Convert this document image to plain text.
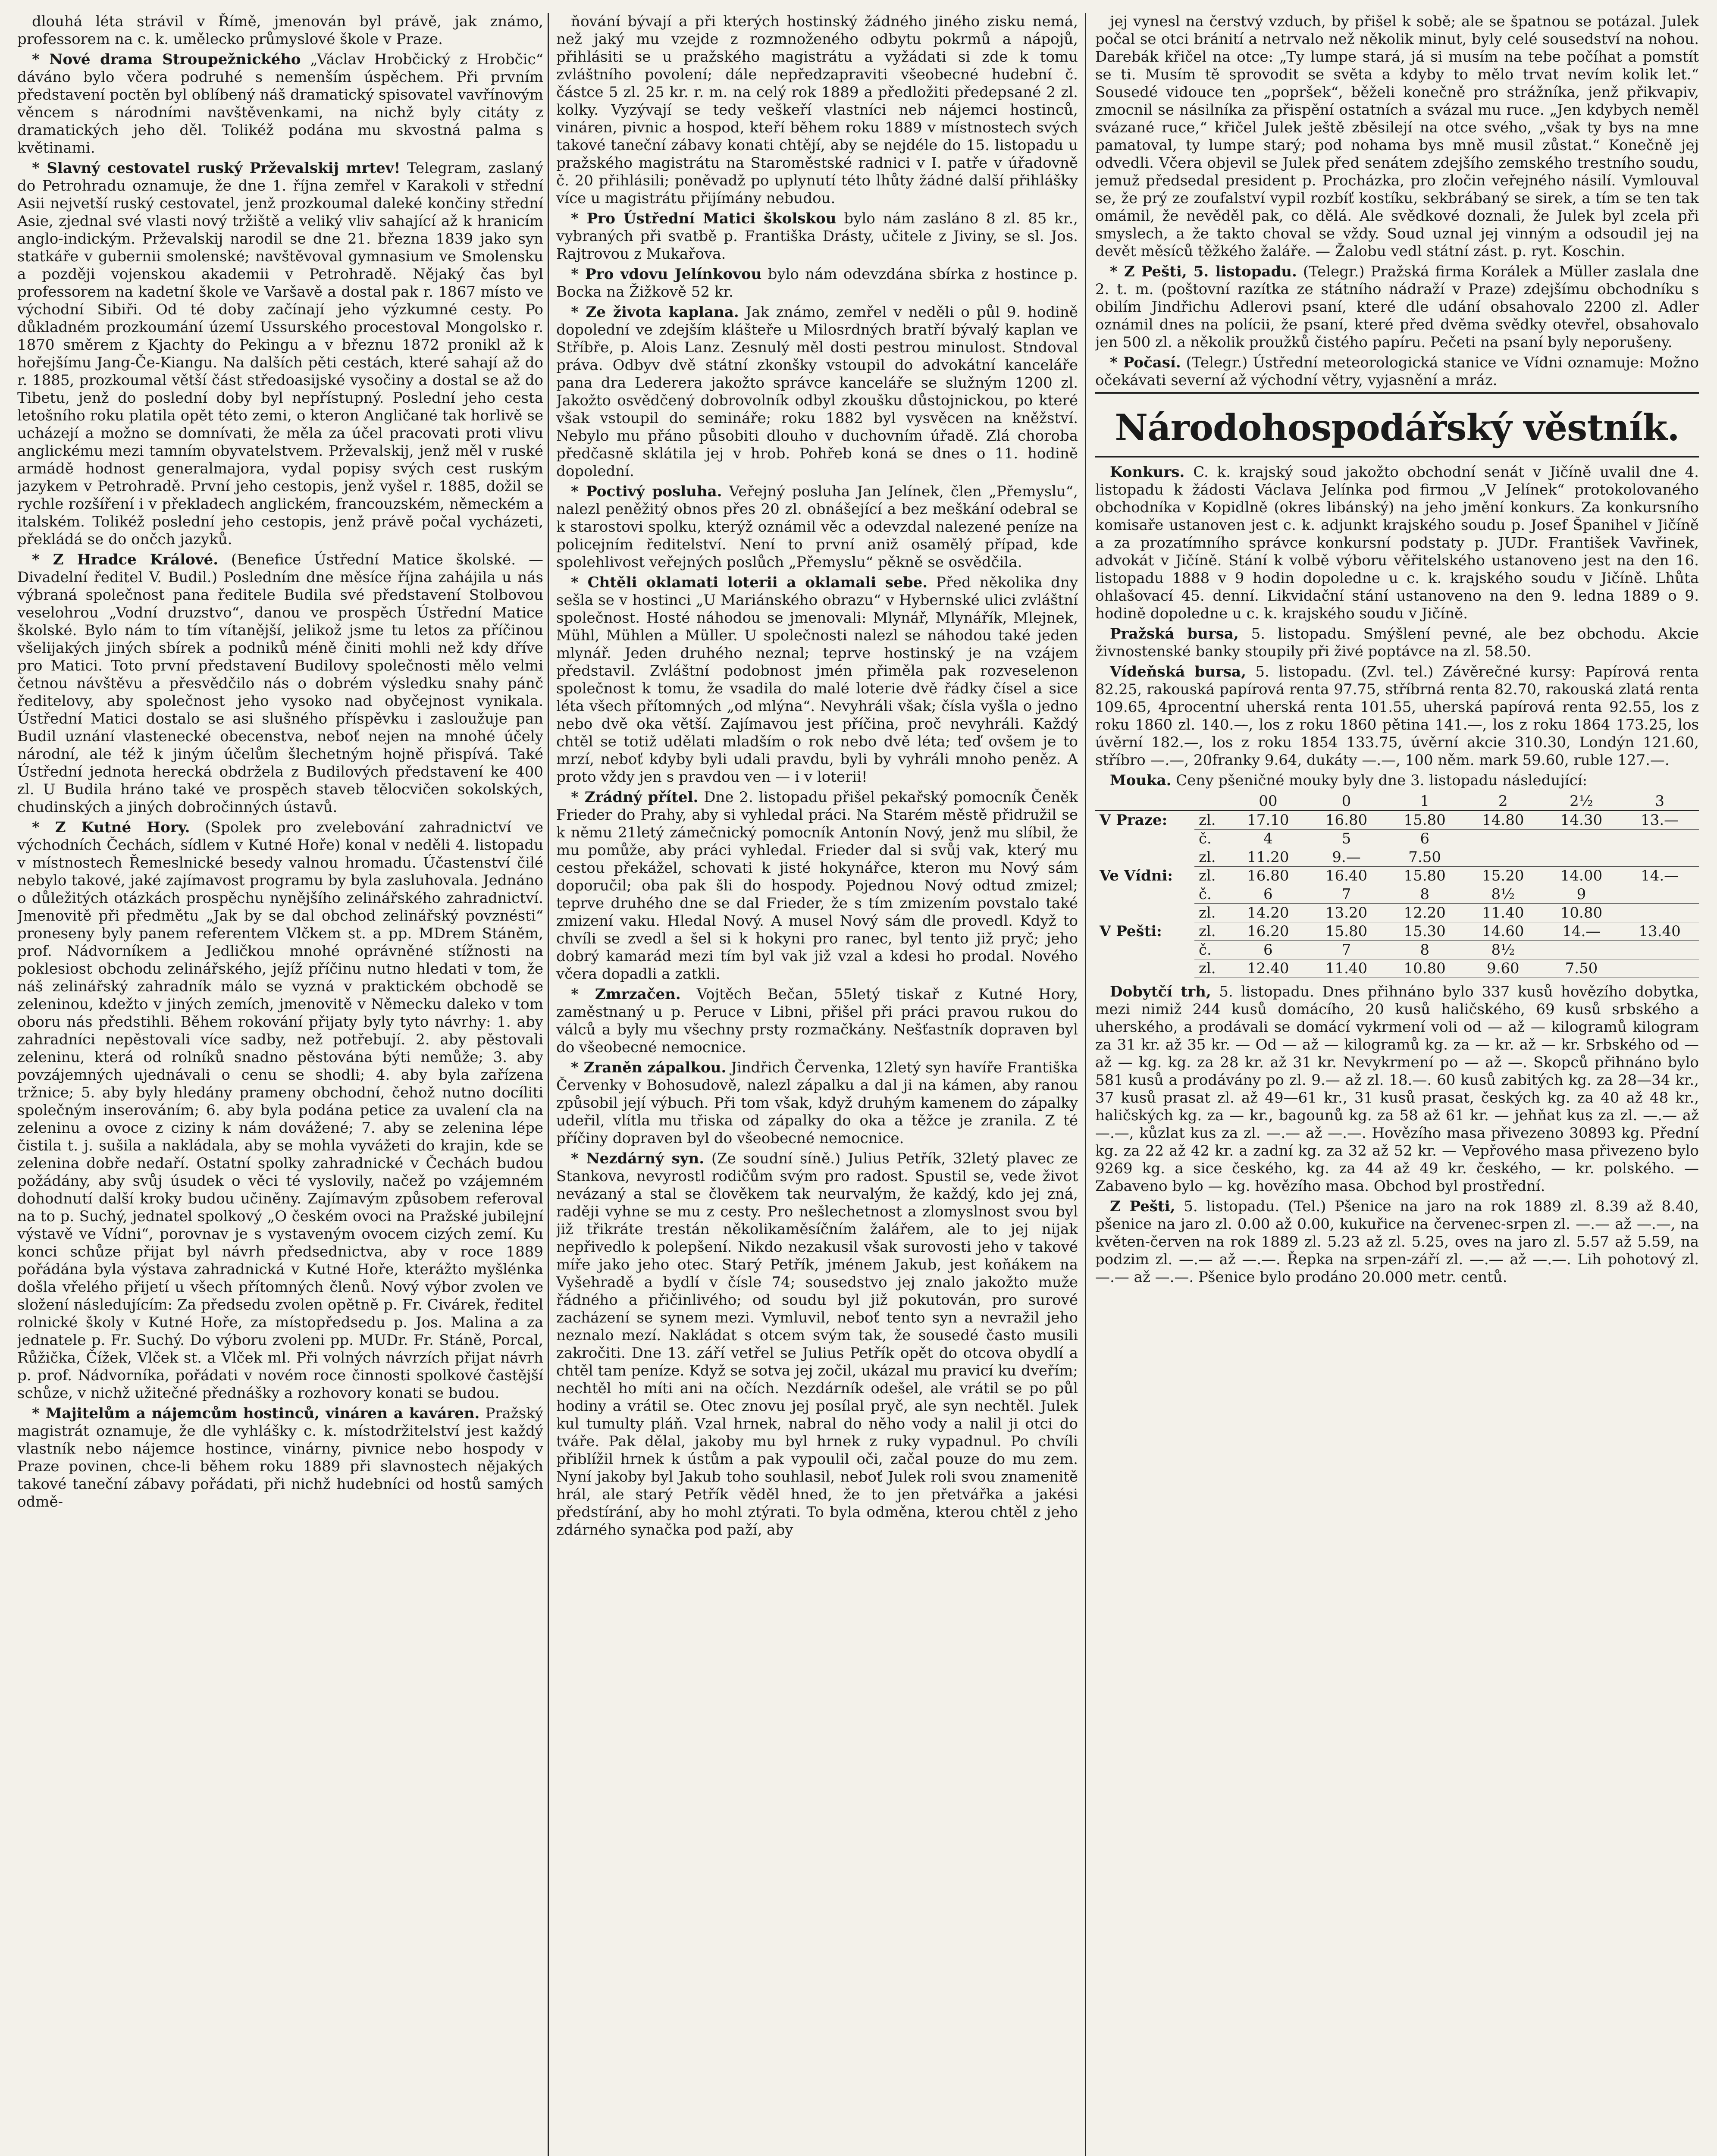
dlouhá léta strávil v Římě, jmenován byl právě, jak známo, professorem na c. k. umělecko průmyslové škole v Praze.

* Nové drama Stroupežnického „Václav Hrobčický z Hrobčic“ dáváno bylo včera podruhé s nemenším úspěchem. Při prvním představení poctěn byl oblíbený náš dramatický spisovatel vavřínovým věncem s národními navštěvenkami, na nichž byly citáty z dramatických jeho děl. Tolikéž podána mu skvostná palma s květinami.

* Slavný cestovatel ruský Prževalskij mrtev! Telegram, zaslaný do Petrohradu oznamuje, že dne 1. října zemřel v Karakoli v střední Asii nejvetší ruský cestovatel, jenž prozkoumal daleké končiny střední Asie, zjednal své vlasti nový tržiště a veliký vliv sahající až k hranicím anglo-indickým. Prževalskij narodil se dne 21. března 1839 jako syn statkáře v gubernii smolenské; navštěvoval gymnasium ve Smolensku a později vojenskou akademii v Petrohradě. Nějaký čas byl professorem na kadetní škole ve Varšavě a dostal pak r. 1867 místo ve východní Sibiři. Od té doby začínají jeho výzkumné cesty. Po důkladném prozkoumání území Ussurského procestoval Mongolsko r. 1870 směrem z Kjachty do Pekingu a v březnu 1872 pronikl až k hořejšímu Jang-Če-Kiangu. Na dalších pěti cestách, které sahají až do r. 1885, prozkoumal větší část středoasijské vysočiny a dostal se až do Tibetu, jenž do poslední doby byl nepřístupný. Poslední jeho cesta letošního roku platila opět této zemi, o kteron Angličané tak horlivě se ucházejí a možno se domnívati, že měla za účel pracovati proti vlivu anglickému mezi tamním obyvatelstvem. Prževalskij, jenž měl v ruské armádě hodnost generalmajora, vydal popisy svých cest ruským jazykem v Petrohradě. První jeho cestopis, jenž vyšel r. 1885, dožil se rychle rozšíření i v překladech anglickém, francouzském, německém a italském. Tolikéž poslední jeho cestopis, jenž právě počal vycházeti, překládá se do ončch jazyků.

* Z Hradce Králové. (Benefice Ústřední Matice školské. — Divadelní ředitel V. Budil.) Posledním dne měsíce října zahájila u nás výbraná společnost pana ředitele Budila své představení Stolbovou veselohrou „Vodní druzstvo“, danou ve prospěch Ústřední Matice školské. Bylo nám to tím vítanější, jelikož jsme tu letos za příčinou všelijakých jiných sbírek a podniků méně činiti mohli než kdy dříve pro Matici. Toto první představení Budilovy společnosti mělo velmi četnou návštěvu a přesvědčilo nás o dobrém výsledku snahy pánč ředitelovy, aby společnost jeho vysoko nad obyčejnost vynikala. Ústřední Matici dostalo se asi slušného příspěvku i zasloužuje pan Budil uznání vlastenecké obecenstva, neboť nejen na mnohé účely národní, ale též k jiným účelům šlechetným hojně přispívá. Také Ústřední jednota herecká obdržela z Budilových představení ke 400 zl. U Budila hráno také ve prospěch staveb tělocvičen sokolských, chudinských a jiných dobročinných ústavů.

* Z Kutné Hory. (Spolek pro zvelebování zahradnictví ve východních Čechách, sídlem v Kutné Hoře) konal v neděli 4. listopadu v místnostech Řemeslnické besedy valnou hromadu. Účastenství čilé nebylo takové, jaké zajímavost programu by byla zasluhovala. Jednáno o důležitých otázkách prospěchu nynějšího zelinářského zahradnictví. Jmenovitě při předmětu „Jak by se dal obchod zelinářský povznésti“ proneseny byly panem referentem Vlčkem st. a pp. MDrem Stáněm, prof. Nádvorníkem a Jedličkou mnohé oprávněné stížnosti na poklesiost obchodu zelinářského, jejíž příčinu nutno hledati v tom, že náš zelinářský zahradník málo se vyzná v praktickém obchodě se zeleninou, kdežto v jiných zemích, jmenovitě v Německu daleko v tom oboru nás předstihli. Během rokování přijaty byly tyto návrhy: 1. aby zahradníci nepěstovali více sadby, než potřebují. 2. aby pěstovali zeleninu, která od rolníků snadno pěstována býti nemůže; 3. aby povzájemných ujednávali o cenu se shodli; 4. aby byla zařízena tržnice; 5. aby byly hledány prameny obchodní, čehož nutno docíliti společným inserováním; 6. aby byla podána petice za uvalení cla na zeleninu a ovoce z ciziny k nám dovážené; 7. aby se zelenina lépe čistila t. j. sušila a nakládala, aby se mohla vyvážeti do krajin, kde se zelenina dobře nedaří. Ostatní spolky zahradnické v Čechách budou požádány, aby svůj úsudek o věci té vyslovily, načež po vzájemném dohodnutí další kroky budou učiněny. Zajímavým způsobem referoval na to p. Suchý, jednatel spolkový „O českém ovoci na Pražské jubilejní výstavě ve Vídni“, porovnav je s vystaveným ovocem cizých zemí. Ku konci schůze přijat byl návrh předsednictva, aby v roce 1889 pořádána byla výstava zahradnická v Kutné Hoře, kterážto myšlénka došla vřelého přijetí u všech přítomných členů. Nový výbor zvolen ve složení následujícím: Za předsedu zvolen opětně p. Fr. Civárek, ředitel rolnické školy v Kutné Hoře, za místopředsedu p. Jos. Malina a za jednatele p. Fr. Suchý. Do výboru zvoleni pp. MUDr. Fr. Stáně, Porcal, Růžička, Čížek, Vlček st. a Vlček ml. Při volných návrzích přijat návrh p. prof. Nádvorníka, pořádati v novém roce činnosti spolkové častější schůze, v nichž užitečné přednášky a rozhovory konati se budou.

* Majitelům a nájemcům hostinců, vináren a kaváren. Pražský magistrát oznamuje, že dle vyhlášky c. k. místodržitelství jest každý vlastník nebo nájemce hostince, vinárny, pivnice nebo hospody v Praze povinen, chce-li během roku 1889 při slavnostech nějakých takové taneční zábavy pořádati, při nichž hudebníci od hostů samých odmě-

ňování bývají a při kterých hostinský žádného jiného zisku nemá, než jaký mu vzejde z rozmnoženého odbytu pokrmů a nápojů, přihlásiti se u pražského magistrátu a vyžádati si zde k tomu zvláštního povolení; dále nepředzapraviti všeobecné hudební č. částce 5 zl. 25 kr. r. m. na celý rok 1889 a předložiti předepsané 2 zl. kolky. Vyzývají se tedy veškeří vlastníci neb nájemci hostinců, vináren, pivnic a hospod, kteří během roku 1889 v místnostech svých takové taneční zábavy konati chtějí, aby se nejdéle do 15. listopadu u pražského magistrátu na Staroměstské radnici v I. patře v úřadovně č. 20 přihlásili; poněvadž po uplynutí této lhůty žádné další přihlášky více u magistrátu přijímány nebudou.

* Pro Ústřední Matici školskou bylo nám zasláno 8 zl. 85 kr., vybraných při svatbě p. Františka Drásty, učitele z Jiviny, se sl. Jos. Rajtrovou z Mukařova.

* Pro vdovu Jelínkovou bylo nám odevzdána sbírka z hostince p. Bocka na Žižkově 52 kr.

* Ze života kaplana. Jak známo, zemřel v neděli o půl 9. hodině dopolední ve zdejším klášteře u Milosrdných bratří bývalý kaplan ve Stříbře, p. Alois Lanz. Zesnulý měl dosti pestrou minulost. Stndoval práva. Odbyv dvě státní zkonšky vstoupil do advokátní kanceláře pana dra Lederera jakožto správce kanceláře se služným 1200 zl. Jakožto osvědčený dobrovolník odbyl zkoušku důstojnickou, po které však vstoupil do semináře; roku 1882 byl vysvěcen na kněžství. Nebylo mu přáno působiti dlouho v duchovním úřadě. Zlá choroba předčasně sklátila jej v hrob. Pohřeb koná se dnes o 11. hodině dopolední.

* Poctivý posluha. Veřejný posluha Jan Jelínek, člen „Přemyslu“, nalezl peněžitý obnos přes 20 zl. obnášející a bez meškání odebral se k starostovi spolku, kterýž oznámil věc a odevzdal nalezené peníze na policejním ředitelství. Není to první aniž osamělý případ, kde spolehlivost veřejných poslůch „Přemyslu“ pěkně se osvědčila.

* Chtěli oklamati loterii a oklamali sebe. Před několika dny sešla se v hostinci „U Mariánského obrazu“ v Hybernské ulici zvláštní společnost. Hosté náhodou se jmenovali: Mlynář, Mlynářík, Mlejnek, Mühl, Mühlen a Müller. U společnosti nalezl se náhodou také jeden mlynář. Jeden druhého neznal; teprve hostinský je na vzájem představil. Zvláštní podobnost jmén přiměla pak rozveselenon společnost k tomu, že vsadila do malé loterie dvě řádky čísel a sice léta všech přítomných „od mlýna“. Nevyhráli však; čísla vyšla o jedno nebo dvě oka větší. Zajímavou jest příčina, proč nevyhráli. Každý chtěl se totiž udělati mladším o rok nebo dvě léta; teď ovšem je to mrzí, neboť kdyby byli udali pravdu, byli by vyhráli mnoho peněz. A proto vždy jen s pravdou ven — i v loterii!

* Zrádný přítel. Dne 2. listopadu přišel pekařský pomocník Čeněk Frieder do Prahy, aby si vyhledal práci. Na Starém městě přidružil se k němu 21letý zámečnický pomocník Antonín Nový, jenž mu slíbil, že mu pomůže, aby práci vyhledal. Frieder dal si svůj vak, který mu cestou překážel, schovati k jisté hokynářce, kteron mu Nový sám doporučil; oba pak šli do hospody. Pojednou Nový odtud zmizel; teprve druhého dne se dal Frieder, že s tím zmizením povstalo také zmizení vaku. Hledal Nový. A musel Nový sám dle provedl. Když to chvíli se zvedl a šel si k hokyni pro ranec, byl tento již pryč; jeho dobrý kamarád mezi tím byl vak již vzal a kdesi ho prodal. Nového včera dopadli a zatkli.

* Zmrzačen. Vojtěch Bečan, 55letý tiskař z Kutné Hory, zaměstnaný u p. Peruce v Libni, přišel při práci pravou rukou do válců a byly mu všechny prsty rozmačkány. Nešťastník dopraven byl do všeobecné nemocnice.

* Zraněn zápalkou. Jindřich Červenka, 12letý syn havíře Františka Červenky v Bohosudově, nalezl zápalku a dal ji na kámen, aby ranou způsobil její výbuch. Při tom však, když druhým kamenem do zápalky udeřil, vlítla mu třiska od zápalky do oka a těžce je zranila. Z té příčiny dopraven byl do všeobecné nemocnice.

* Nezdárný syn. (Ze soudní síně.) Julius Petřík, 32letý plavec ze Stankova, nevyrostl rodičům svým pro radost. Spustil se, vede život nevázaný a stal se člověkem tak neurvalým, že každý, kdo jej zná, raději vyhne se mu z cesty. Pro nešlechetnost a zlomyslnost svou byl již třikráte trestán několikaměsíčním žalářem, ale to jej nijak nepřivedlo k polepšení. Nikdo nezakusil však surovosti jeho v takové míře jako jeho otec. Starý Petřík, jménem Jakub, jest koňákem na Vyšehradě a bydlí v čísle 74; sousedstvo jej znalo jakožto muže řádného a přičinlivého; od soudu byl již pokutován, pro surové zacházení se synem mezi. Vymluvil, neboť tento syn a nevražil jeho neznalo mezí. Nakládat s otcem svým tak, že sousedé často musili zakročiti. Dne 13. září vetřel se Julius Petřík opět do otcova obydlí a chtěl tam peníze. Když se sotva jej zočil, ukázal mu pravicí ku dveřím; nechtěl ho míti ani na očích. Nezdárník odešel, ale vrátil se po půl hodiny a vrátil se. Otec znovu jej posílal pryč, ale syn nechtěl. Julek kul tumulty pláň. Vzal hrnek, nabral do něho vody a nalil ji otci do tváře. Pak dělal, jakoby mu byl hrnek z ruky vypadnul. Po chvíli přiblížil hrnek k ústům a pak vypoulil oči, začal pouze do mu zem. Nyní jakoby byl Jakub toho souhlasil, neboť Julek roli svou znamenitě hrál, ale starý Petřík věděl hned, že to jen přetvářka a jakési předstírání, aby ho mohl ztýrati. To byla odměna, kterou chtěl z jeho zdárného synačka pod paží, aby

jej vynesl na čerstvý vzduch, by přišel k sobě; ale se špatnou se potázal. Julek počal se otci bránití a netrvalo než několik minut, byly celé sousedství na nohou. Darebák křičel na otce: „Ty lumpe stará, já si musím na tebe počíhat a pomstít se ti. Musím tě sprovodit se světa a kdyby to mělo trvat nevím kolik let.“ Sousedé vidouce ten „popršek“, běželi konečně pro strážníka, jenž přikvapiv, zmocnil se násilníka za přispění ostatních a svázal mu ruce. „Jen kdybych neměl svázané ruce,“ křičel Julek ještě zběsilejí na otce svého, „však ty bys na mne pamatoval, ty lumpe starý; pod nohama bys mně musil zůstat.“ Konečně jej odvedli. Včera objevil se Julek před senátem zdejšího zemského trestního soudu, jemuž předsedal president p. Procházka, pro zločin veřejného násilí. Vymlouval se, že prý ze zoufalství vypil rozbíť kostíku, sekbrábaný se sirek, a tím se ten tak omámil, že nevěděl pak, co dělá. Ale svědkové doznali, že Julek byl zcela při smyslech, a že takto choval se vždy. Soud uznal jej vinným a odsoudil jej na devět měsíců těžkého žaláře. — Žalobu vedl státní zást. p. ryt. Koschin.

* Z Pešti, 5. listopadu. (Telegr.) Pražská firma Korálek a Müller zaslala dne 2. t. m. (poštovní razítka ze státního nádraží v Praze) zdejšímu obchodníku s obilím Jindřichu Adlerovi psaní, které dle udání obsahovalo 2200 zl. Adler oznámil dnes na polícii, že psaní, které před dvěma svědky otevřel, obsahovalo jen 500 zl. a několik proužků čistého papíru. Pečeti na psaní byly neporušeny.

* Počasí. (Telegr.) Ústřední meteorologická stanice ve Vídni oznamuje: Možno očekávati severní až východní větry, vyjasnění a mráz.

Národohospodářský věstník.

Konkurs. C. k. krajský soud jakožto obchodní senát v Jičíně uvalil dne 4. listopadu k žádosti Václava Jelínka pod firmou „V Jelínek“ protokolovaného obchodníka v Kopidlně (okres libánský) na jeho jmění konkurs. Za konkursního komisaře ustanoven jest c. k. adjunkt krajského soudu p. Josef Španihel v Jičíně a za prozatímního správce konkursní podstaty p. JUDr. František Vavřinek, advokát v Jičíně. Stání k volbě výboru věřitelského ustanoveno jest na den 16. listopadu 1888 v 9 hodin dopoledne u c. k. krajského soudu v Jičíně. Lhůta ohlašovací 45. denní. Likvidační stání ustanoveno na den 9. ledna 1889 o 9. hodině dopoledne u c. k. krajského soudu v Jičíně.

Pražská bursa, 5. listopadu. Smýšlení pevné, ale bez obchodu. Akcie živnostenské banky stoupily při živé poptávce na zl. 58.50.

Vídeňská bursa, 5. listopadu. (Zvl. tel.) Závěrečné kursy: Papírová renta 82.25, rakouská papírová renta 97.75, stříbrná renta 82.70, rakouská zlatá renta 109.65, 4procentní uherská renta 101.55, uherská papírová renta 92.55, los z roku 1860 zl. 140.—, los z roku 1860 pětina 141.—, los z roku 1864 173.25, los úvěrní 182.—, los z roku 1854 133.75, úvěrní akcie 310.30, Londýn 121.60, stříbro —.—, 20franky 9.64, dukáty —.—, 100 něm. mark 59.60, ruble 127.—.

Mouka. Ceny pšeničné mouky byly dne 3. listopadu následující:

		00	0	1	2	2½	3
V Praze:	zl.	17.10	16.80	15.80	14.80	14.30	13.—
	č.	4	5	6			
	zl.	11.20	9.—	7.50			
Ve Vídni:	zl.	16.80	16.40	15.80	15.20	14.00	14.—
	č.	6	7	8	8½	9	
	zl.	14.20	13.20	12.20	11.40	10.80	
V Pešti:	zl.	16.20	15.80	15.30	14.60	14.—	13.40
	č.	6	7	8	8½		
	zl.	12.40	11.40	10.80	9.60	7.50	

Dobytčí trh, 5. listopadu. Dnes přihnáno bylo 337 kusů hovězího dobytka, mezi nimiž 244 kusů domácího, 20 kusů haličského, 69 kusů srbského a uherského, a prodávali se domácí vykrmení voli od — až — kilogramů kilogram za 31 kr. až 35 kr. — Od — až — kilogramů kg. za — kr. až — kr. Srbského od — až — kg. kg. za 28 kr. až 31 kr. Nevykrmení po — až —. Skopců přihnáno bylo 581 kusů a prodávány po zl. 9.— až zl. 18.—. 60 kusů zabitých kg. za 28—34 kr., 37 kusů prasat zl. až 49—61 kr., 31 kusů prasat, českých kg. za 40 až 48 kr., haličských kg. za — kr., bagounů kg. za 58 až 61 kr. — jehňat kus za zl. —.— až —.—, kůzlat kus za zl. —.— až —.—. Hovězího masa přivezeno 30893 kg. Přední kg. za 22 až 42 kr. a zadní kg. za 32 až 52 kr. — Vepřového masa přivezeno bylo 9269 kg. a sice českého, kg. za 44 až 49 kr. českého, — kr. polského. — Zabaveno bylo — kg. hovězího masa. Obchod byl prostřední.

Z Pešti, 5. listopadu. (Tel.) Pšenice na jaro na rok 1889 zl. 8.39 až 8.40, pšenice na jaro zl. 0.00 až 0.00, kukuřice na červenec-srpen zl. —.— až —.—, na květen-červen na rok 1889 zl. 5.23 až zl. 5.25, oves na jaro zl. 5.57 až 5.59, na podzim zl. —.— až —.—. Řepka na srpen-září zl. —.— až —.—. Lih pohotový zl. —.— až —.—. Pšenice bylo prodáno 20.000 metr. centů.
